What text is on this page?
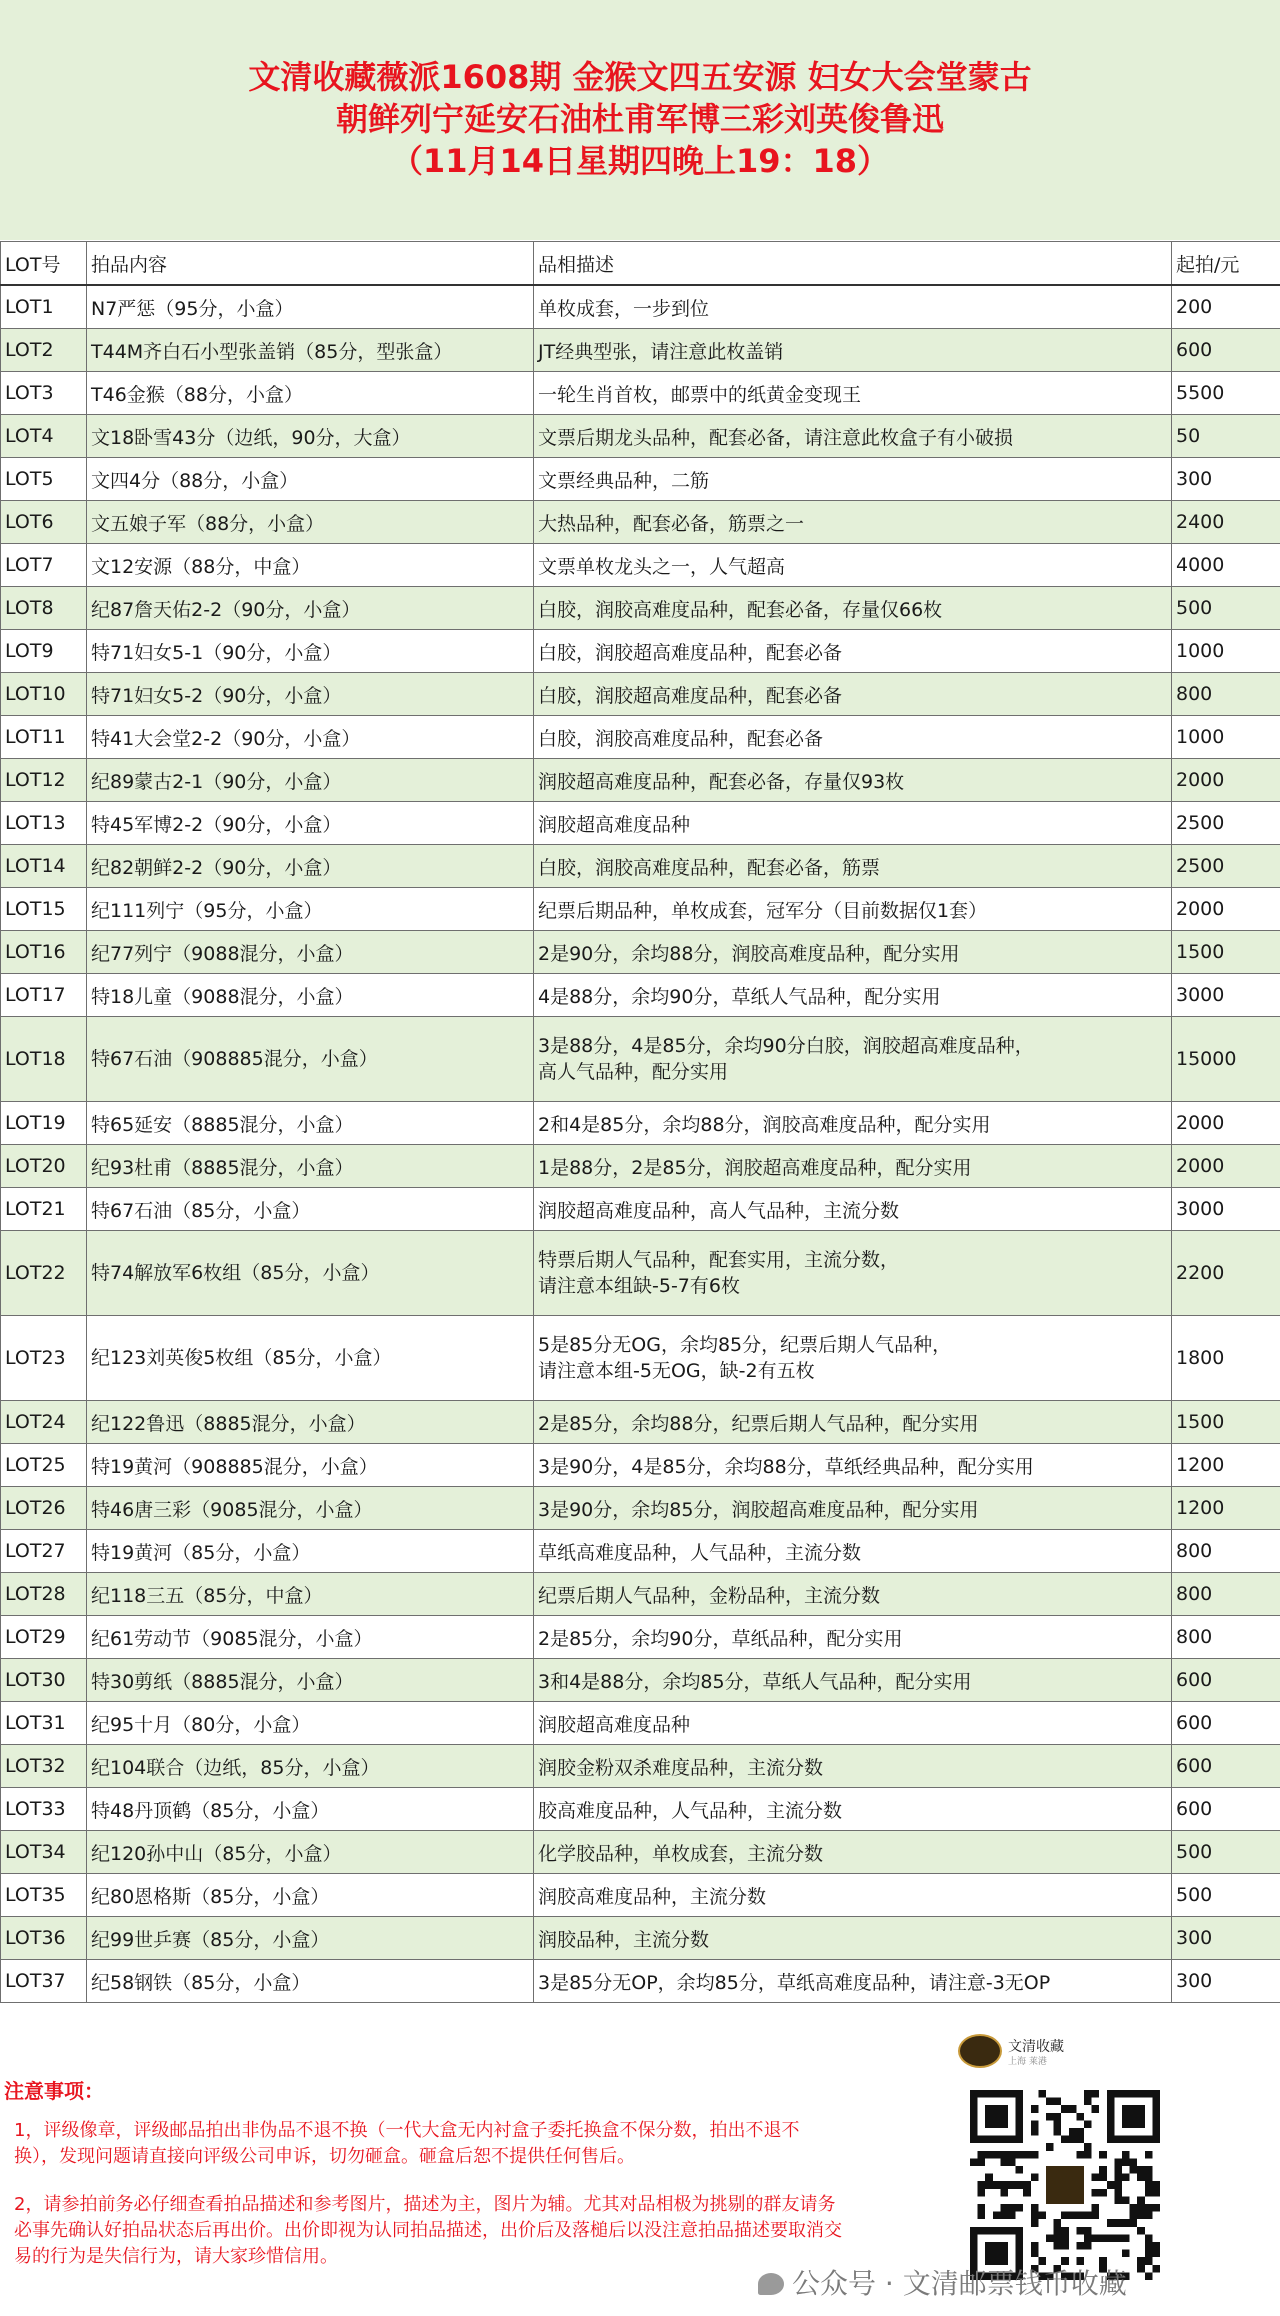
文清收藏薇派1608期 金猴文四五安源 妇女大会堂蒙古
朝鲜列宁延安石油杜甫军博三彩刘英俊鲁迅
（11月14日星期四晚上19：18）
LOT号	拍品内容	品相描述	起拍/元
LOT1	N7严惩（95分，小盒）	单枚成套，一步到位	200
LOT2	T44M齐白石小型张盖销（85分，型张盒）	JT经典型张，请注意此枚盖销	600
LOT3	T46金猴（88分，小盒）	一轮生肖首枚，邮票中的纸黄金变现王	5500
LOT4	文18卧雪43分（边纸，90分，大盒）	文票后期龙头品种，配套必备，请注意此枚盒子有小破损	50
LOT5	文四4分（88分，小盒）	文票经典品种，二筋	300
LOT6	文五娘子军（88分，小盒）	大热品种，配套必备，筋票之一	2400
LOT7	文12安源（88分，中盒）	文票单枚龙头之一，人气超高	4000
LOT8	纪87詹天佑2-2（90分，小盒）	白胶，润胶高难度品种，配套必备，存量仅66枚	500
LOT9	特71妇女5-1（90分，小盒）	白胶，润胶超高难度品种，配套必备	1000
LOT10	特71妇女5-2（90分，小盒）	白胶，润胶超高难度品种，配套必备	800
LOT11	特41大会堂2-2（90分，小盒）	白胶，润胶高难度品种，配套必备	1000
LOT12	纪89蒙古2-1（90分，小盒）	润胶超高难度品种，配套必备，存量仅93枚	2000
LOT13	特45军博2-2（90分，小盒）	润胶超高难度品种	2500
LOT14	纪82朝鲜2-2（90分，小盒）	白胶，润胶高难度品种，配套必备，筋票	2500
LOT15	纪111列宁（95分，小盒）	纪票后期品种，单枚成套，冠军分（目前数据仅1套）	2000
LOT16	纪77列宁（9088混分，小盒）	2是90分，余均88分，润胶高难度品种，配分实用	1500
LOT17	特18儿童（9088混分，小盒）	4是88分，余均90分，草纸人气品种，配分实用	3000
LOT18	特67石油（908885混分，小盒）	3是88分，4是85分，余均90分白胶，润胶超高难度品种，
高人气品种，配分实用	15000
LOT19	特65延安（8885混分，小盒）	2和4是85分，余均88分，润胶高难度品种，配分实用	2000
LOT20	纪93杜甫（8885混分，小盒）	1是88分，2是85分，润胶超高难度品种，配分实用	2000
LOT21	特67石油（85分，小盒）	润胶超高难度品种，高人气品种，主流分数	3000
LOT22	特74解放军6枚组（85分，小盒）	特票后期人气品种，配套实用，主流分数，
请注意本组缺-5-7有6枚	2200
LOT23	纪123刘英俊5枚组（85分，小盒）	5是85分无OG，余均85分，纪票后期人气品种，
请注意本组-5无OG，缺-2有五枚	1800
LOT24	纪122鲁迅（8885混分，小盒）	2是85分，余均88分，纪票后期人气品种，配分实用	1500
LOT25	特19黄河（908885混分，小盒）	3是90分，4是85分，余均88分，草纸经典品种，配分实用	1200
LOT26	特46唐三彩（9085混分，小盒）	3是90分，余均85分，润胶超高难度品种，配分实用	1200
LOT27	特19黄河（85分，小盒）	草纸高难度品种，人气品种，主流分数	800
LOT28	纪118三五（85分，中盒）	纪票后期人气品种，金粉品种，主流分数	800
LOT29	纪61劳动节（9085混分，小盒）	2是85分，余均90分，草纸品种，配分实用	800
LOT30	特30剪纸（8885混分，小盒）	3和4是88分，余均85分，草纸人气品种，配分实用	600
LOT31	纪95十月（80分，小盒）	润胶超高难度品种	600
LOT32	纪104联合（边纸，85分，小盒）	润胶金粉双杀难度品种，主流分数	600
LOT33	特48丹顶鹤（85分，小盒）	胶高难度品种，人气品种，主流分数	600
LOT34	纪120孙中山（85分，小盒）	化学胶品种，单枚成套，主流分数	500
LOT35	纪80恩格斯（85分，小盒）	润胶高难度品种，主流分数	500
LOT36	纪99世乒赛（85分，小盒）	润胶品种，主流分数	300
LOT37	纪58钢铁（85分，小盒）	3是85分无OP，余均85分，草纸高难度品种，请注意-3无OP	300
注意事项：
1，评级像章，评级邮品拍出非伪品不退不换（一代大盒无内衬盒子委托换盒不保分数，拍出不退不换），发现问题请直接向评级公司申诉，切勿砸盒。砸盒后恕不提供任何售后。
2，请参拍前务必仔细查看拍品描述和参考图片，描述为主，图片为辅。尤其对品相极为挑剔的群友请务必事先确认好拍品状态后再出价。出价即视为认同拍品描述，出价后及落槌后以没注意拍品描述要取消交易的行为是失信行为，请大家珍惜信用。
文清收藏
上海 莱港
公众号 · 文清邮票钱币收藏
